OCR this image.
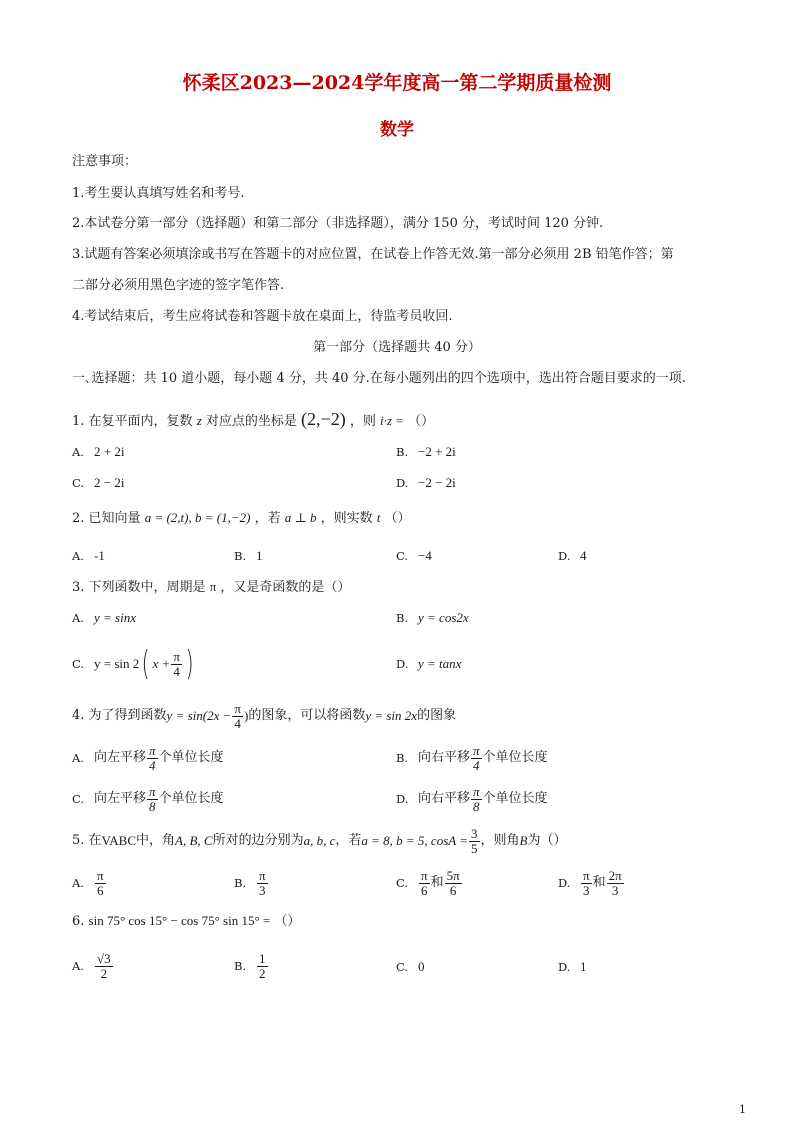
怀柔区2023—2024学年度高一第二学期质量检测
数学
注意事项：
1.考生要认真填写姓名和考号.
2.本试卷分第一部分（选择题）和第二部分（非选择题），满分 150 分，考试时间 120 分钟.
3.试题有答案必须填涂或书写在答题卡的对应位置，在试卷上作答无效.第一部分必须用 2B 铅笔作答；第
二部分必须用黑色字迹的签字笔作答.
4.考试结束后，考生应将试卷和答题卡放在桌面上，待监考员收回.
第一部分（选择题共 40 分）
一､选择题：共 10 道小题，每小题 4 分，共 40 分.在每小题列出的四个选项中，选出符合题目要求的一项.
1. 在复平面内，复数 z 对应点的坐标是 (2,−2) ，则 i·z = （）
A. 2 + 2i	B. −2 + 2i
C. 2 − 2i	D. −2 − 2i
2. 已知向量 a = (2,t), b = (1,−2) ，若 a ⊥ b ，则实数 t （）
A. -1	B. 1	C. −4	D. 4
3. 下列函数中，周期是 π ，又是奇函数的是（）
A. y = sinx	B. y = cos2x
C. y = sin 2 ( $x + \frac{\pi}{4}$ )	D. y = tanx
4. 为了得到函数 $y = \sin(2x - \frac{\pi}{4}$ ) 的图象，可以将函数 y = sin 2x 的图象
A. 向左平移 $\frac{\pi}{4}$ 个单位长度	B. 向右平移 $\frac{\pi}{4}$ 个单位长度
C. 向左平移 $\frac{\pi}{8}$ 个单位长度	D. 向右平移 $\frac{\pi}{8}$ 个单位长度
5. 在 VABC 中，角 A, B, C 所对的边分别为 a, b, c ，若 a = 8, b = 5, $\cos A = \frac{3}{5}$ ，则角 B 为（）
A. $\frac{\pi}{6}$	B. $\frac{\pi}{3}$	C. $\frac{\pi}{6}$ 和 $\frac{5\pi}{6}$	D. $\frac{\pi}{3}$ 和 $\frac{2\pi}{3}$
6. sin 75° cos 15° − cos 75° sin 15° = （）
A. $\frac{√3}{2}$	B. $\frac{1}{2}$	C. 0	D. 1
1
